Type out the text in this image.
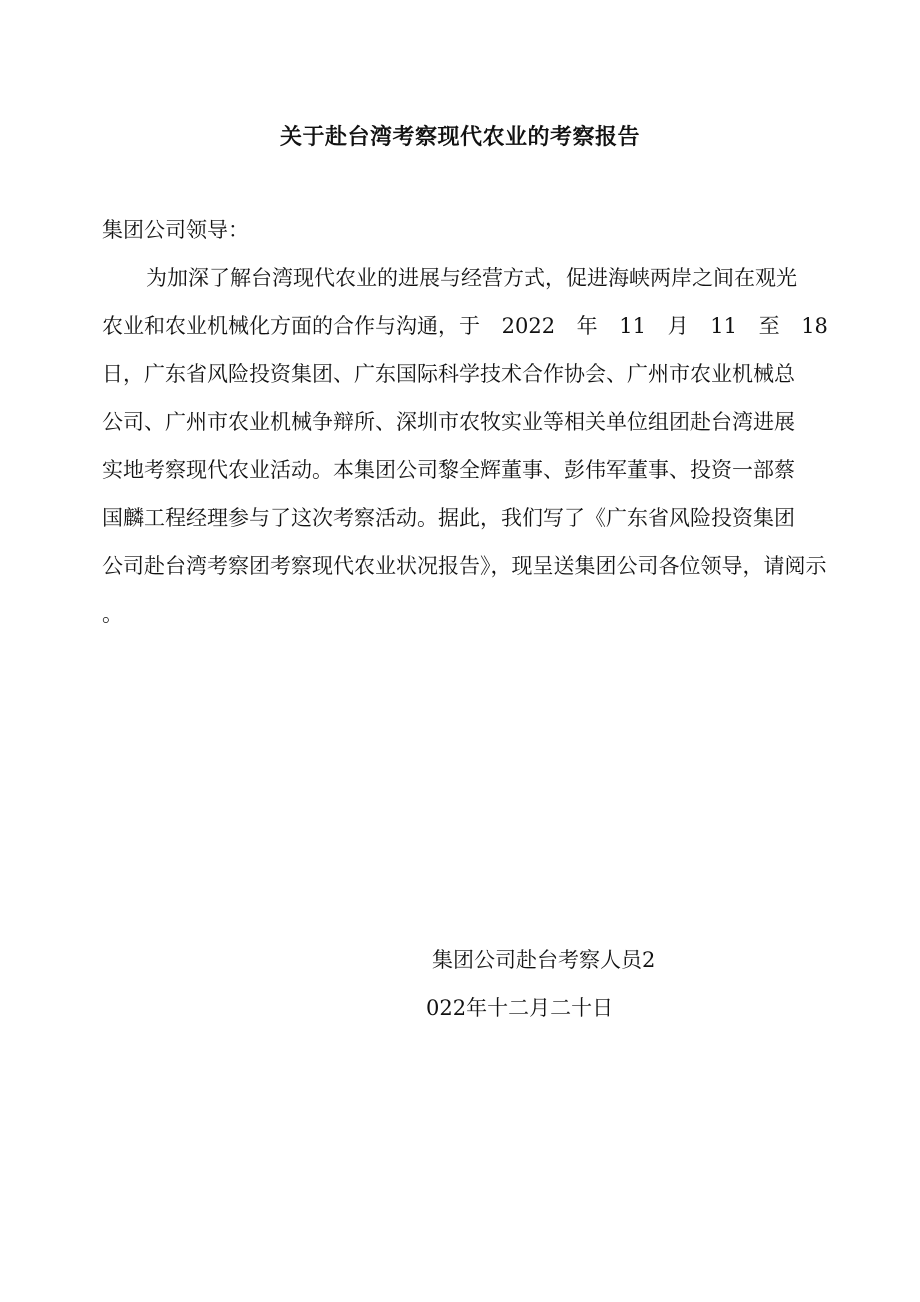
关于赴台湾考察现代农业的考察报告
集团公司领导：
为加深了解台湾现代农业的进展与经营方式，促进海峡两岸之间在观光
农业和农业机械化方面的合作与沟通，于 2022 年 11 月 11 至 18
日，广东省风险投资集团、广东国际科学技术合作协会、广州市农业机械总
公司、广州市农业机械争辩所、深圳市农牧实业等相关单位组团赴台湾进展
实地考察现代农业活动。本集团公司黎全辉董事、彭伟军董事、投资一部蔡
国麟工程经理参与了这次考察活动。据此，我们写了《广东省风险投资集团
公司赴台湾考察团考察现代农业状况报告》，现呈送集团公司各位领导，请阅示
。
集团公司赴台考察人员2
022年十二月二十日
